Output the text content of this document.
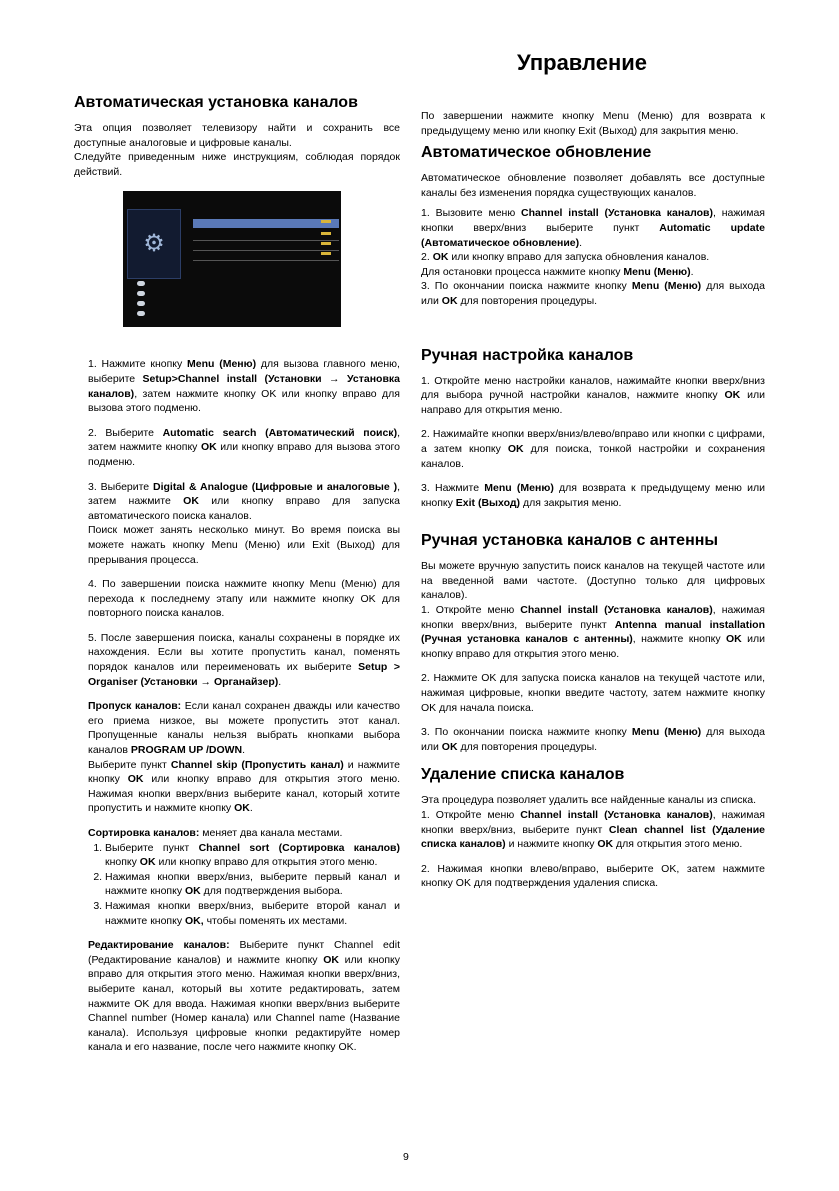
Управление
Автоматическая установка каналов

Эта опция позволяет телевизору найти и сохранить все доступные аналоговые и цифровые каналы.

Следуйте приведенным ниже инструкциям, соблюдая порядок действий.

⚙

1. Нажмите кнопку Menu (Меню) для вызова главного меню, выберите Setup>Channel install (Установки → Установка каналов), затем нажмите кнопку OK или кнопку вправо для вызова этого подменю.

2. Выберите Automatic search (Автоматический поиск), затем нажмите кнопку OK или кнопку вправо для вызова этого подменю.

3. Выберите Digital & Analogue (Цифровые и аналоговые ), затем нажмите OK или кнопку вправо для запуска автоматического поиска каналов.

Поиск может занять несколько минут. Во время поиска вы можете нажать кнопку Menu (Меню) или Exit (Выход) для прерывания процесса.

4. По завершении поиска нажмите кнопку Menu (Меню) для перехода к последнему этапу или нажмите кнопку OK для повторного поиска каналов.

5. После завершения поиска, каналы сохранены в порядке их нахождения. Если вы хотите пропустить канал, поменять порядок каналов или переименовать их выберите Setup > Organiser (Установки → Органайзер).

Пропуск каналов: Если канал сохранен дважды или качество его приема низкое, вы можете пропустить этот канал. Пропущенные каналы нельзя выбрать кнопками выбора каналов PROGRAM UP /DOWN.

Выберите пункт Channel skip (Пропустить канал) и нажмите кнопку OK или кнопку вправо для открытия этого меню. Нажимая кнопки вверх/вниз выберите канал, который хотите пропустить и нажмите кнопку OK.

Сортировка каналов: меняет два канала местами.

1. Выберите пункт Channel sort (Сортировка каналов) кнопку OK или кнопку вправо для открытия этого меню.
2. Нажимая кнопки вверх/вниз, выберите первый канал и нажмите кнопку OK для подтверждения выбора.
3. Нажимая кнопки вверх/вниз, выберите второй канал и нажмите кнопку OK, чтобы поменять их местами.

Редактирование каналов: Выберите пункт Channel edit (Редактирование каналов) и нажмите кнопку OK или кнопку вправо для открытия этого меню. Нажимая кнопки вверх/вниз, выберите канал, который вы хотите редактировать, затем нажмите OK для ввода. Нажимая кнопки вверх/вниз выберите Channel number (Номер канала) или Channel name (Название канала). Используя цифровые кнопки редактируйте номер канала и его название, после чего нажмите кнопку OK.

По завершении нажмите кнопку Menu (Меню) для возврата к предыдущему меню или кнопку Exit (Выход) для закрытия меню.

Автоматическое обновление

Автоматическое обновление позволяет добавлять все доступные каналы без изменения порядка существующих каналов.

1. Вызовите меню Channel install (Установка каналов), нажимая кнопки вверх/вниз выберите пункт Automatic update (Автоматическое обновление).

2. OK или кнопку вправо для запуска обновления каналов.

Для остановки процесса нажмите кнопку Menu (Меню).

3. По окончании поиска нажмите кнопку Menu (Меню) для выхода или OK для повторения процедуры.

Ручная настройка каналов

1. Откройте меню настройки каналов, нажимайте кнопки вверх/вниз для выбора ручной настройки каналов, нажмите кнопку OK или направо для открытия меню.

2. Нажимайте кнопки вверх/вниз/влево/вправо или кнопки с цифрами, а затем кнопку OK для поиска, тонкой настройки и сохранения каналов.

3. Нажмите Menu (Меню) для возврата к предыдущему меню или кнопку Exit (Выход) для закрытия меню.

Ручная установка каналов с антенны

Вы можете вручную запустить поиск каналов на текущей частоте или на введенной вами частоте. (Доступно только для цифровых каналов).

1. Откройте меню Channel install (Установка каналов), нажимая кнопки вверх/вниз, выберите пункт Antenna manual installation (Ручная установка каналов с антенны), нажмите кнопку OK или кнопку вправо для открытия этого меню.

2. Нажмите OK для запуска поиска каналов на текущей частоте или, нажимая цифровые, кнопки введите частоту, затем нажмите кнопку OK для начала поиска.

3. По окончании поиска нажмите кнопку Menu (Меню) для выхода или OK для повторения процедуры.

Удаление списка каналов

Эта процедура позволяет удалить все найденные каналы из списка.

1. Откройте меню Channel install (Установка каналов), нажимая кнопки вверх/вниз, выберите пункт Clean channel list (Удаление списка каналов) и нажмите кнопку OK для открытия этого меню.

2. Нажимая кнопки влево/вправо, выберите OK, затем нажмите кнопку OK для подтверждения удаления списка.

9
